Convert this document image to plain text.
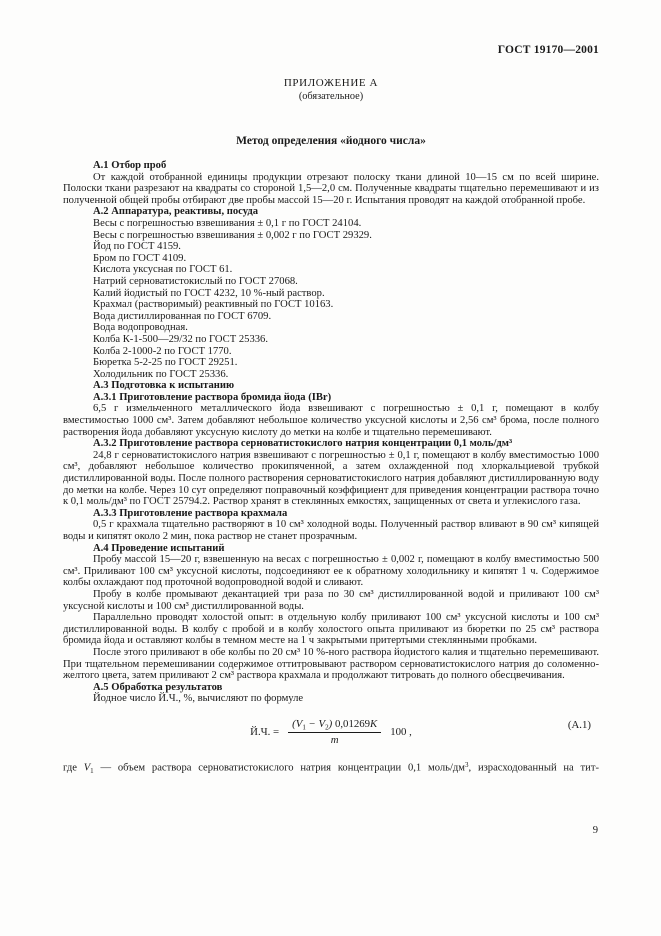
ГОСТ 19170—2001
ПРИЛОЖЕНИЕ А
(обязательное)
Метод определения «йодного числа»
А.1 Отбор проб

От каждой отобранной единицы продукции отрезают полоску ткани длиной 10—15 см по всей ширине. Полоски ткани разрезают на квадраты со стороной 1,5—2,0 см. Полученные квадраты тщательно перемешивают и из полученной общей пробы отбирают две пробы массой 15—20 г. Испытания проводят на каждой отобранной пробе.

А.2 Аппаратура, реактивы, посуда

Весы с погрешностью взвешивания ± 0,1 г по ГОСТ 24104.

Весы с погрешностью взвешивания ± 0,002 г по ГОСТ 29329.

Йод по ГОСТ 4159.

Бром по ГОСТ 4109.

Кислота уксусная по ГОСТ 61.

Натрий серноватистокислый по ГОСТ 27068.

Калий йодистый по ГОСТ 4232, 10 %-ный раствор.

Крахмал (растворимый) реактивный по ГОСТ 10163.

Вода дистиллированная по ГОСТ 6709.

Вода водопроводная.

Колба К-1-500—29/32 по ГОСТ 25336.

Колба 2-1000-2 по ГОСТ 1770.

Бюретка 5-2-25 по ГОСТ 29251.

Холодильник по ГОСТ 25336.

А.3 Подготовка к испытанию
А.3.1 Приготовление раствора бромида йода (IBr)

6,5 г измельченного металлического йода взвешивают с погрешностью ± 0,1 г, помещают в колбу вместимостью 1000 см³. Затем добавляют небольшое количество уксусной кислоты и 2,56 см³ брома, после полного растворения йода добавляют уксусную кислоту до метки на колбе и тщательно перемешивают.

А.3.2 Приготовление раствора серноватистокислого натрия концентрации 0,1 моль/дм³

24,8 г серноватистокислого натрия взвешивают с погрешностью ± 0,1 г, помещают в колбу вместимостью 1000 см³, добавляют небольшое количество прокипяченной, а затем охлажденной под хлоркальциевой трубкой дистиллированной воды. После полного растворения серноватистокислого натрия добавляют дистиллированную воду до метки на колбе. Через 10 сут определяют поправочный коэффициент для приведения концентрации раствора точно к 0,1 моль/дм³ по ГОСТ 25794.2. Раствор хранят в стеклянных емкостях, защищенных от света и углекислого газа.

А.3.3 Приготовление раствора крахмала

0,5 г крахмала тщательно растворяют в 10 см³ холодной воды. Полученный раствор вливают в 90 см³ кипящей воды и кипятят около 2 мин, пока раствор не станет прозрачным.

А.4 Проведение испытаний

Пробу массой 15—20 г, взвешенную на весах с погрешностью ± 0,002 г, помещают в колбу вместимостью 500 см³. Приливают 100 см³ уксусной кислоты, подсоединяют ее к обратному холодильнику и кипятят 1 ч. Содержимое колбы охлаждают под проточной водопроводной водой и сливают.

Пробу в колбе промывают декантацией три раза по 30 см³ дистиллированной водой и приливают 100 см³ уксусной кислоты и 100 см³ дистиллированной воды.

Параллельно проводят холостой опыт: в отдельную колбу приливают 100 см³ уксусной кислоты и 100 см³ дистиллированной воды. В колбу с пробой и в колбу холостого опыта приливают из бюретки по 25 см³ раствора бромида йода и оставляют колбы в темном месте на 1 ч закрытыми притертыми стеклянными пробками.

После этого приливают в обе колбы по 20 см³ 10 %-ного раствора йодистого калия и тщательно перемешивают. При тщательном перемешивании содержимое оттитровывают раствором серноватистокислого натрия до соломенно-желтого цвета, затем приливают 2 см³ раствора крахмала и продолжают титровать до полного обесцвечивания.

А.5 Обработка результатов

Йодное число Й.Ч., %, вычисляют по формуле

Й.Ч. = $\frac{(V_1 - V_2) 0,01269K}{m} 100$ ,
(А.1)

где $V_1$ — объем раствора серноватистокислого натрия концентрации 0,1 моль/$дм^3$, израсходованный на тит-

9
